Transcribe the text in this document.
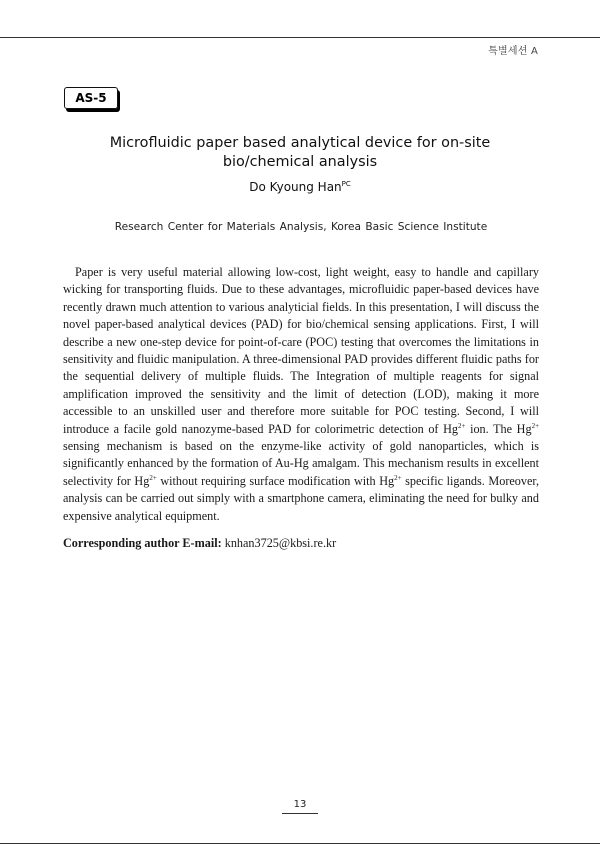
특별세션 A
AS-5
Microfluidic paper based analytical device for on-site
bio/chemical analysis
Do Kyoung Han$^{PC}$
Research Center for Materials Analysis, Korea Basic Science Institute

Paper is very useful material allowing low-cost, light weight, easy to handle and capillary wicking for transporting fluids. Due to these advantages, microfluidic paper-based devices have recently drawn much attention to various analyticial fields. In this presentation, I will discuss the novel paper-based analytical devices (PAD) for bio/chemical sensing applications. First, I will describe a new one-step device for point-of-care (POC) testing that overcomes the limitations in sensitivity and fluidic manipulation. A three-dimensional PAD provides different fluidic paths for the sequential delivery of multiple fluids. The Integration of multiple reagents for signal amplification improved the sensitivity and the limit of detection (LOD), making it more accessible to an unskilled user and therefore more suitable for POC testing. Second, I will introduce a facile gold nanozyme-based PAD for colorimetric detection of $Hg^{2+}$ ion. The $Hg^{2+}$ sensing mechanism is based on the enzyme-like activity of gold nanoparticles, which is significantly enhanced by the formation of Au-Hg amalgam. This mechanism results in excellent selectivity for $Hg^{2+}$ without requiring surface modification with $Hg^{2+}$ specific ligands. Moreover, analysis can be carried out simply with a smartphone camera, eliminating the need for bulky and expensive analytical equipment.

Corresponding author E-mail: knhan3725@kbsi.re.kr
13
